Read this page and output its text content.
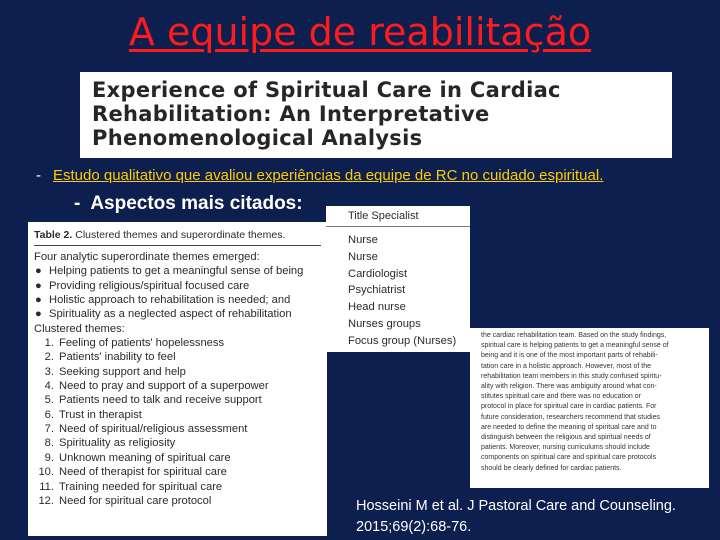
A equipe de reabilitação
Experience of Spiritual Care in Cardiac
Rehabilitation: An Interpretative
Phenomenological Analysis
- Estudo qualitativo que avaliou experiências da equipe de RC no cuidado espiritual.
- Aspectos mais citados:
Table 2. Clustered themes and superordinate themes.
Four analytic superordinate themes emerged:
● Helping patients to get a meaningful sense of being
● Providing religious/spiritual focused care
● Holistic approach to rehabilitation is needed; and
● Spirituality as a neglected aspect of rehabilitation
Clustered themes:
1. Feeling of patients' hopelessness
2. Patients' inability to feel
3. Seeking support and help
4. Need to pray and support of a superpower
5. Patients need to talk and receive support
6. Trust in therapist
7. Need of spiritual/religious assessment
8. Spirituality as religiosity
9. Unknown meaning of spiritual care
10. Need of therapist for spiritual care
11. Training needed for spiritual care
12. Need for spiritual care protocol
Title Specialist
Nurse
Nurse
Cardiologist
Psychiatrist
Head nurse
Nurses groups
Focus group (Nurses)	the cardiac rehabilitation team. Based on the study findings,
spiritual care is helping patients to get a meaningful sense of
being and it is one of the most important parts of rehabili-
tation care in a holistic approach. However, most of the
rehabilitation team members in this study confused spiritu-
ality with religion. There was ambiguity around what con-
stitutes spiritual care and there was no education or
protocol in place for spiritual care in cardiac patients. For
future consideration, researchers recommend that studies
are needed to define the meaning of spiritual care and to
distinguish between the religious and spiritual needs of
patients. Moreover, nursing curriculums should include
components on spiritual care and spiritual care protocols
should be clearly defined for cardiac patients.
Hosseini M et al. J Pastoral Care and Counseling.
2015;69(2):68-76.
